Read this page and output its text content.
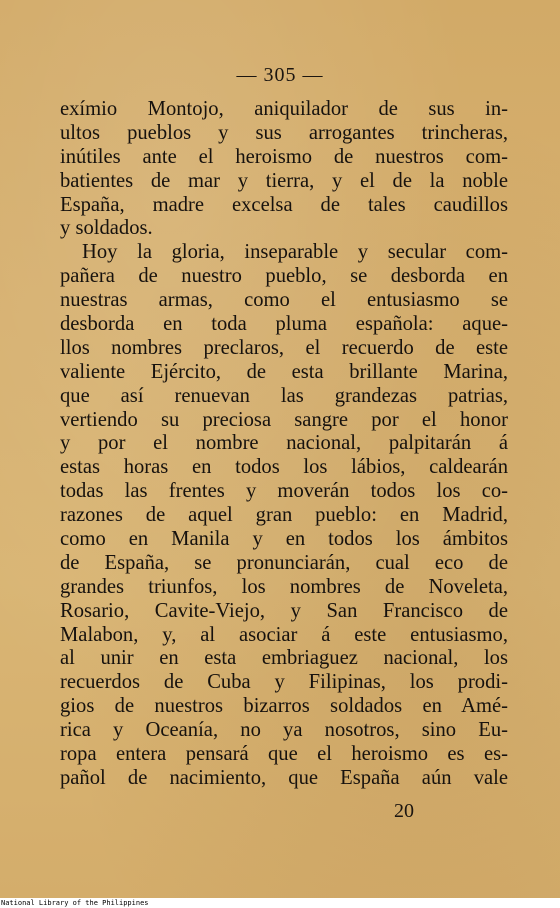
— 305 —
exímio Montojo, aniquilador de sus in-
ultos pueblos y sus arrogantes trincheras,
inútiles ante el heroismo de nuestros com-
batientes de mar y tierra, y el de la noble
España, madre excelsa de tales caudillos
y soldados.
Hoy la gloria, inseparable y secular com-
pañera de nuestro pueblo, se desborda en
nuestras armas, como el entusiasmo se
desborda en toda pluma española: aque-
llos nombres preclaros, el recuerdo de este
valiente Ejército, de esta brillante Marina,
que así renuevan las grandezas patrias,
vertiendo su preciosa sangre por el honor
y por el nombre nacional, palpitarán á
estas horas en todos los lábios, caldearán
todas las frentes y moverán todos los co-
razones de aquel gran pueblo: en Madrid,
como en Manila y en todos los ámbitos
de España, se pronunciarán, cual eco de
grandes triunfos, los nombres de Noveleta,
Rosario, Cavite-Viejo, y San Francisco de
Malabon, y, al asociar á este entusiasmo,
al unir en esta embriaguez nacional, los
recuerdos de Cuba y Filipinas, los prodi-
gios de nuestros bizarros soldados en Amé-
rica y Oceanía, no ya nosotros, sino Eu-
ropa entera pensará que el heroismo es es-
pañol de nacimiento, que España aún vale
20
National Library of the Philippines
